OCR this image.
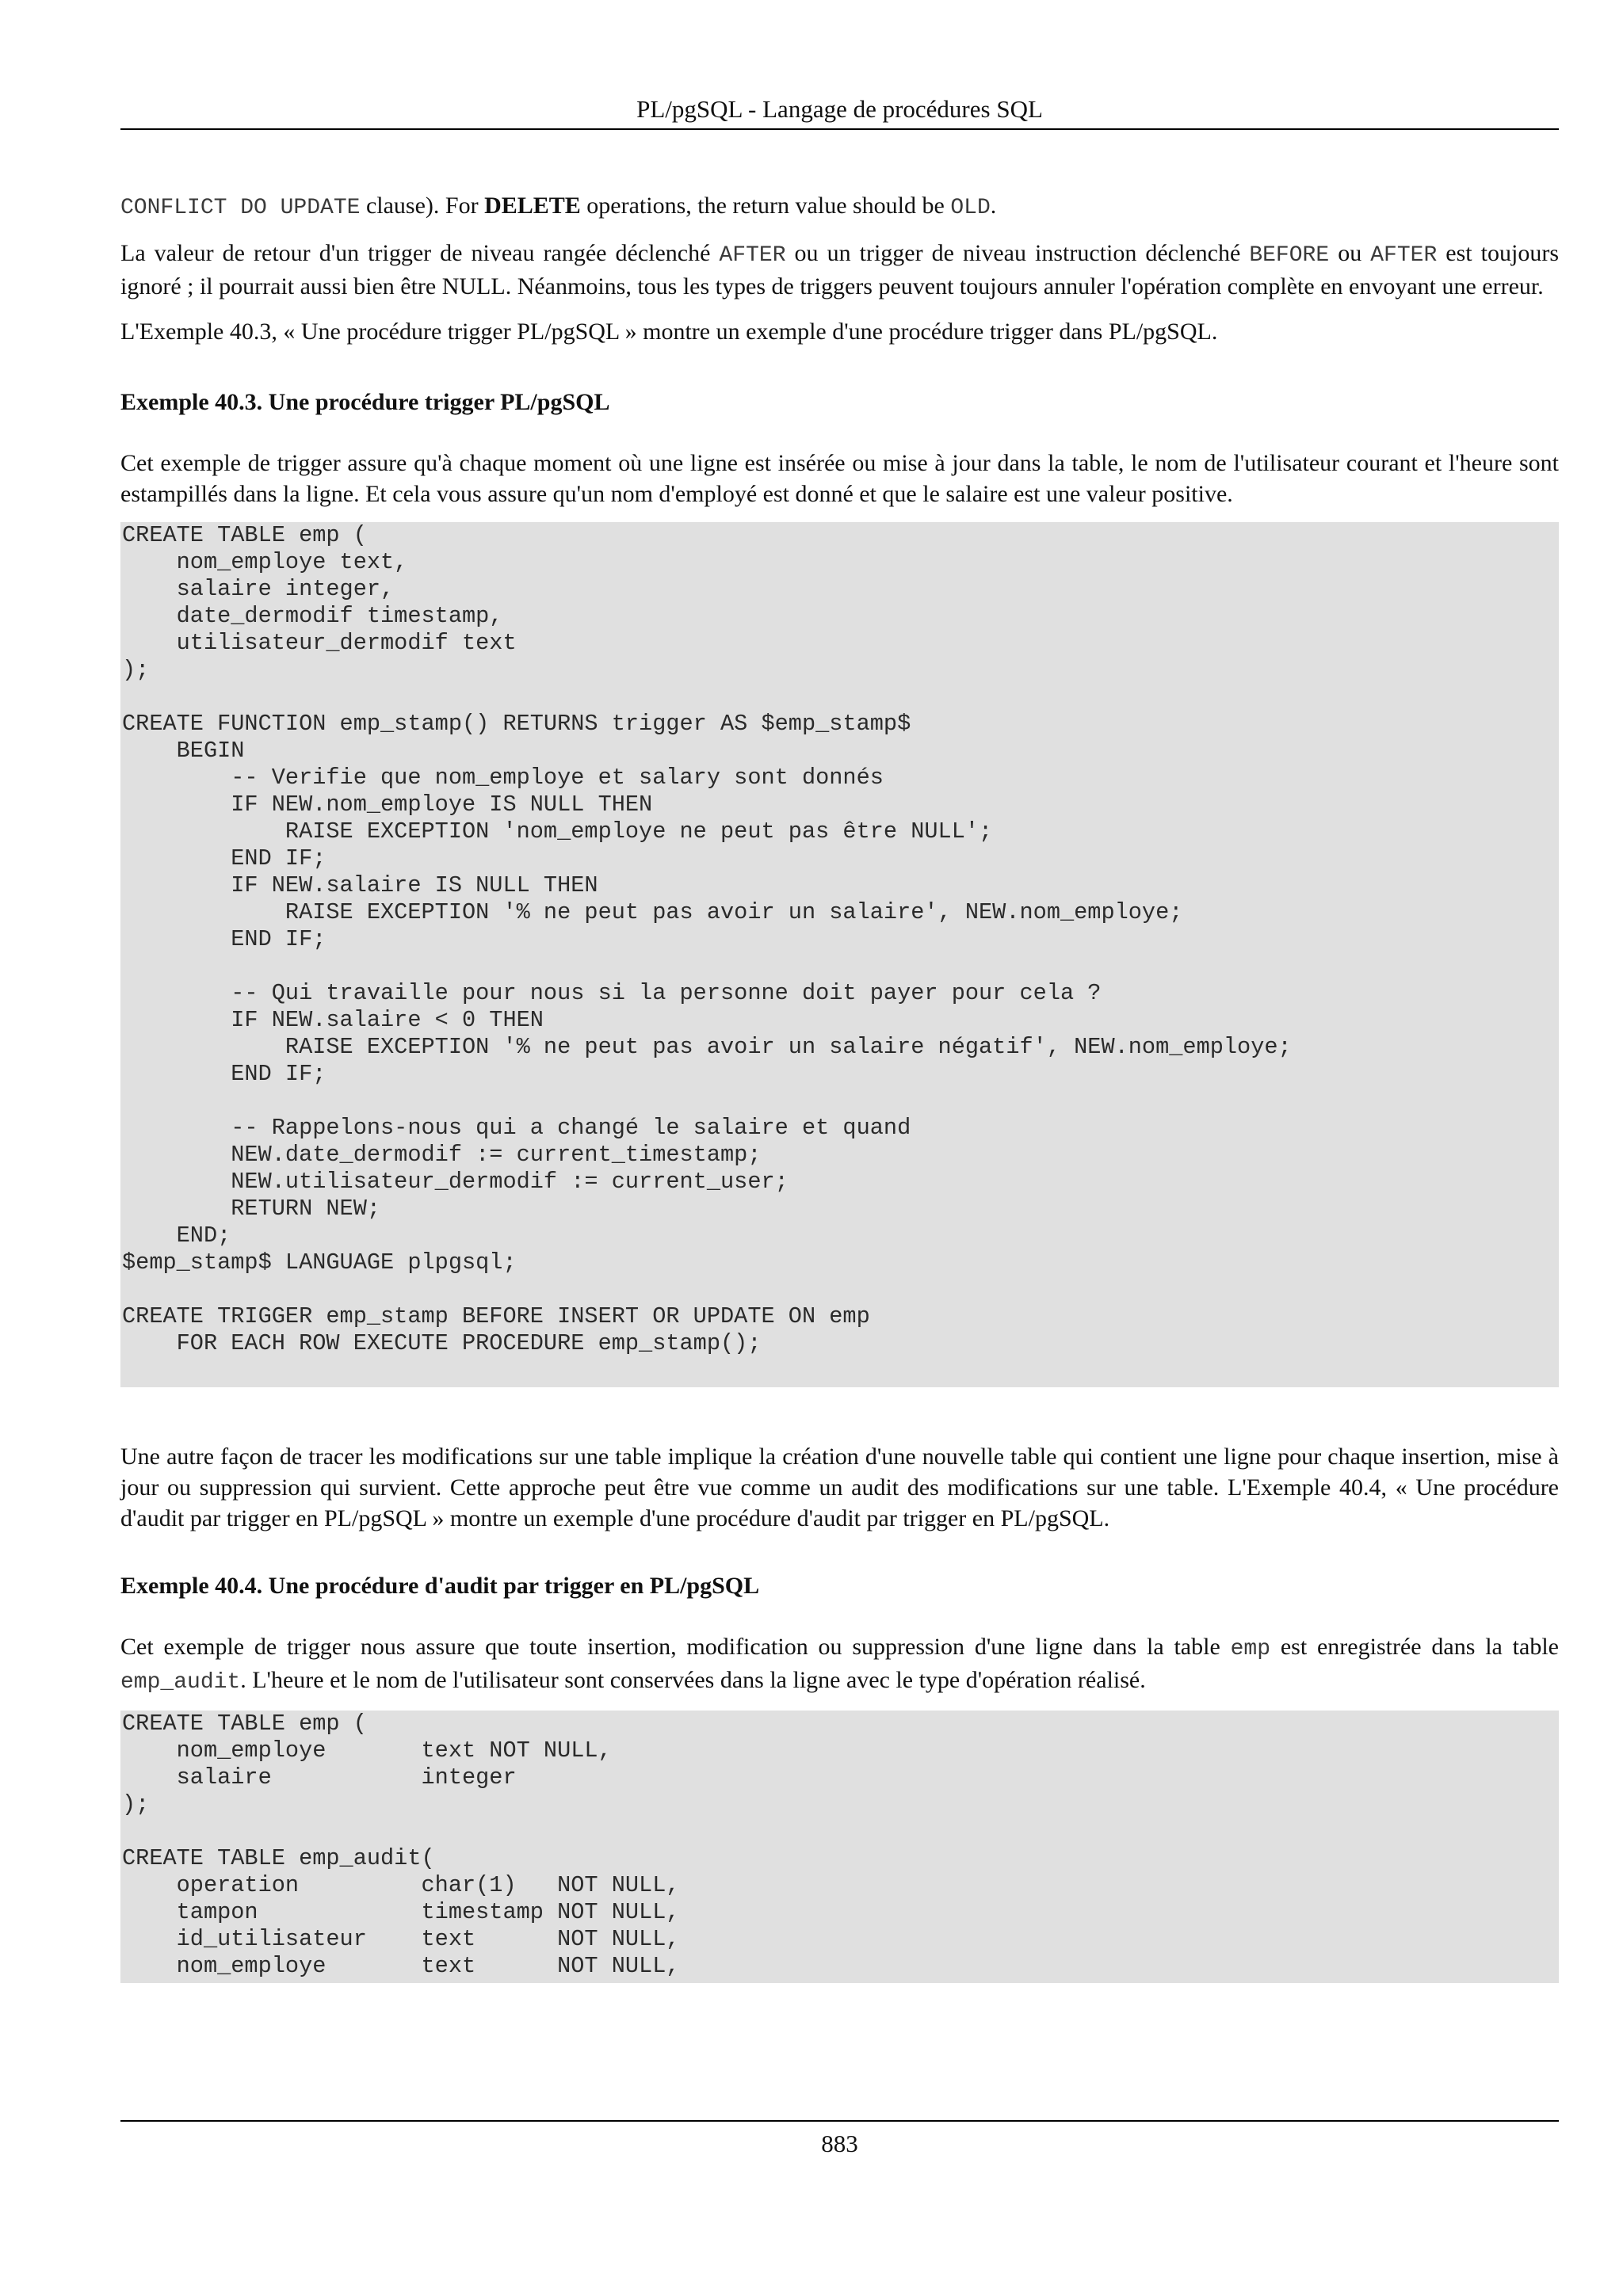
PL/pgSQL - Langage de procédures SQL

CONFLICT DO UPDATE clause). For DELETE operations, the return value should be OLD.

La valeur de retour d'un trigger de niveau rangée déclenché AFTER ou un trigger de niveau instruction déclenché BEFORE ou AFTER est toujours ignoré ; il pourrait aussi bien être NULL. Néanmoins, tous les types de triggers peuvent toujours annuler l'opération complète en envoyant une erreur.

L'Exemple 40.3, « Une procédure trigger PL/pgSQL » montre un exemple d'une procédure trigger dans PL/pgSQL.

Exemple 40.3. Une procédure trigger PL/pgSQL

Cet exemple de trigger assure qu'à chaque moment où une ligne est insérée ou mise à jour dans la table, le nom de l'utilisateur courant et l'heure sont estampillés dans la ligne. Et cela vous assure qu'un nom d'employé est donné et que le salaire est une valeur positive.

CREATE TABLE emp (
nom_employe text,
salaire integer,
date_dermodif timestamp,
utilisateur_dermodif text
);

CREATE FUNCTION emp_stamp() RETURNS trigger AS $emp_stamp$
BEGIN
-- Verifie que nom_employe et salary sont donnés
IF NEW.nom_employe IS NULL THEN
RAISE EXCEPTION 'nom_employe ne peut pas être NULL';
END IF;
IF NEW.salaire IS NULL THEN
RAISE EXCEPTION '% ne peut pas avoir un salaire', NEW.nom_employe;
END IF;

-- Qui travaille pour nous si la personne doit payer pour cela ?
IF NEW.salaire < 0 THEN
RAISE EXCEPTION '% ne peut pas avoir un salaire négatif', NEW.nom_employe;
END IF;

-- Rappelons-nous qui a changé le salaire et quand
NEW.date_dermodif := current_timestamp;
NEW.utilisateur_dermodif := current_user;
RETURN NEW;
END;
$emp_stamp$ LANGUAGE plpgsql;

CREATE TRIGGER emp_stamp BEFORE INSERT OR UPDATE ON emp
FOR EACH ROW EXECUTE PROCEDURE emp_stamp();

Une autre façon de tracer les modifications sur une table implique la création d'une nouvelle table qui contient une ligne pour chaque insertion, mise à jour ou suppression qui survient. Cette approche peut être vue comme un audit des modifications sur une table. L'Exemple 40.4, « Une procédure d'audit par trigger en PL/pgSQL » montre un exemple d'une procédure d'audit par trigger en PL/pgSQL.

Exemple 40.4. Une procédure d'audit par trigger en PL/pgSQL

Cet exemple de trigger nous assure que toute insertion, modification ou suppression d'une ligne dans la table emp est enregistrée dans la table emp_audit. L'heure et le nom de l'utilisateur sont conservées dans la ligne avec le type d'opération réalisé.

CREATE TABLE emp (
nom_employe       text NOT NULL,
salaire           integer
);

CREATE TABLE emp_audit(
operation         char(1)   NOT NULL,
tampon            timestamp NOT NULL,
id_utilisateur    text      NOT NULL,
nom_employe       text      NOT NULL,
883
